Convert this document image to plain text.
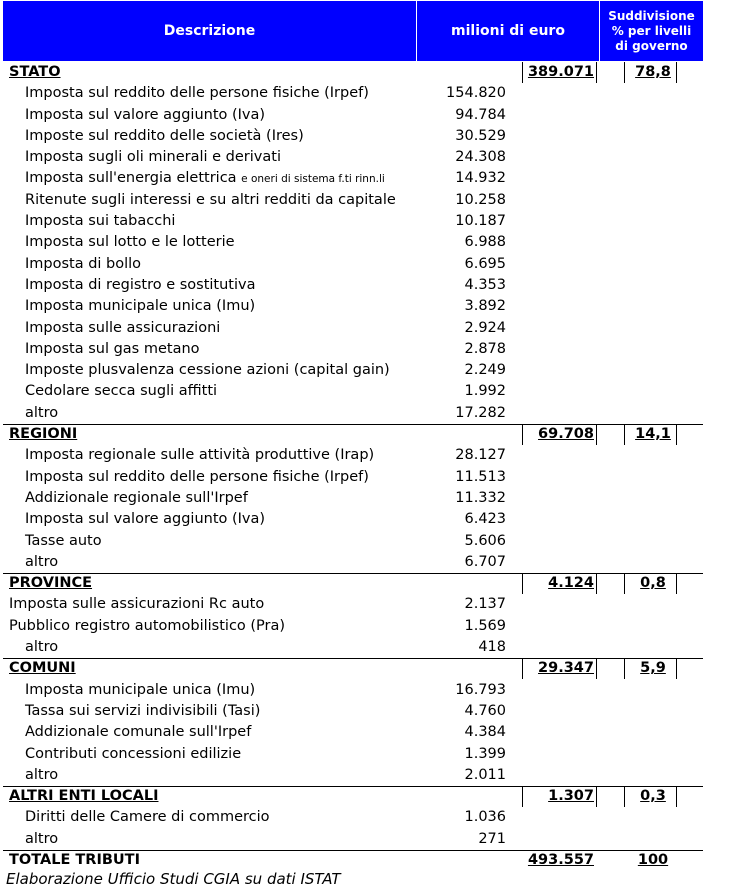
Descrizione	milioni di euro
Suddivisione
% per livelli
di governo
STATO	389.071	78,8
Imposta sul reddito delle persone fisiche (Irpef)	154.820
Imposta sul valore aggiunto (Iva)	94.784
Imposte sul reddito delle società (Ires)	30.529
Imposta sugli oli minerali e derivati	24.308
Imposta sull'energia elettrica e oneri di sistema f.ti rinn.li	14.932
Ritenute sugli interessi e su altri redditi da capitale	10.258
Imposta sui tabacchi	10.187
Imposta sul lotto e le lotterie	6.988
Imposta di bollo	6.695
Imposta di registro e sostitutiva	4.353
Imposta municipale unica (Imu)	3.892
Imposta sulle assicurazioni	2.924
Imposta sul gas metano	2.878
Imposte plusvalenza cessione azioni (capital gain)	2.249
Cedolare secca sugli affitti	1.992
altro	17.282
REGIONI	69.708	14,1
Imposta regionale sulle attività produttive (Irap)	28.127
Imposta sul reddito delle persone fisiche (Irpef)	11.513
Addizionale regionale sull'Irpef	11.332
Imposta sul valore aggiunto (Iva)	6.423
Tasse auto	5.606
altro	6.707
PROVINCE	4.124	0,8
Imposta sulle assicurazioni Rc auto	2.137
Pubblico registro automobilistico (Pra)	1.569
altro	418
COMUNI	29.347	5,9
Imposta municipale unica (Imu)	16.793
Tassa sui servizi indivisibili (Tasi)	4.760
Addizionale comunale sull'Irpef	4.384
Contributi concessioni edilizie	1.399
altro	2.011
ALTRI ENTI LOCALI	1.307	0,3
Diritti delle Camere di commercio	1.036
altro	271
TOTALE TRIBUTI	493.557	100
Elaborazione Ufficio Studi CGIA su dati ISTAT
